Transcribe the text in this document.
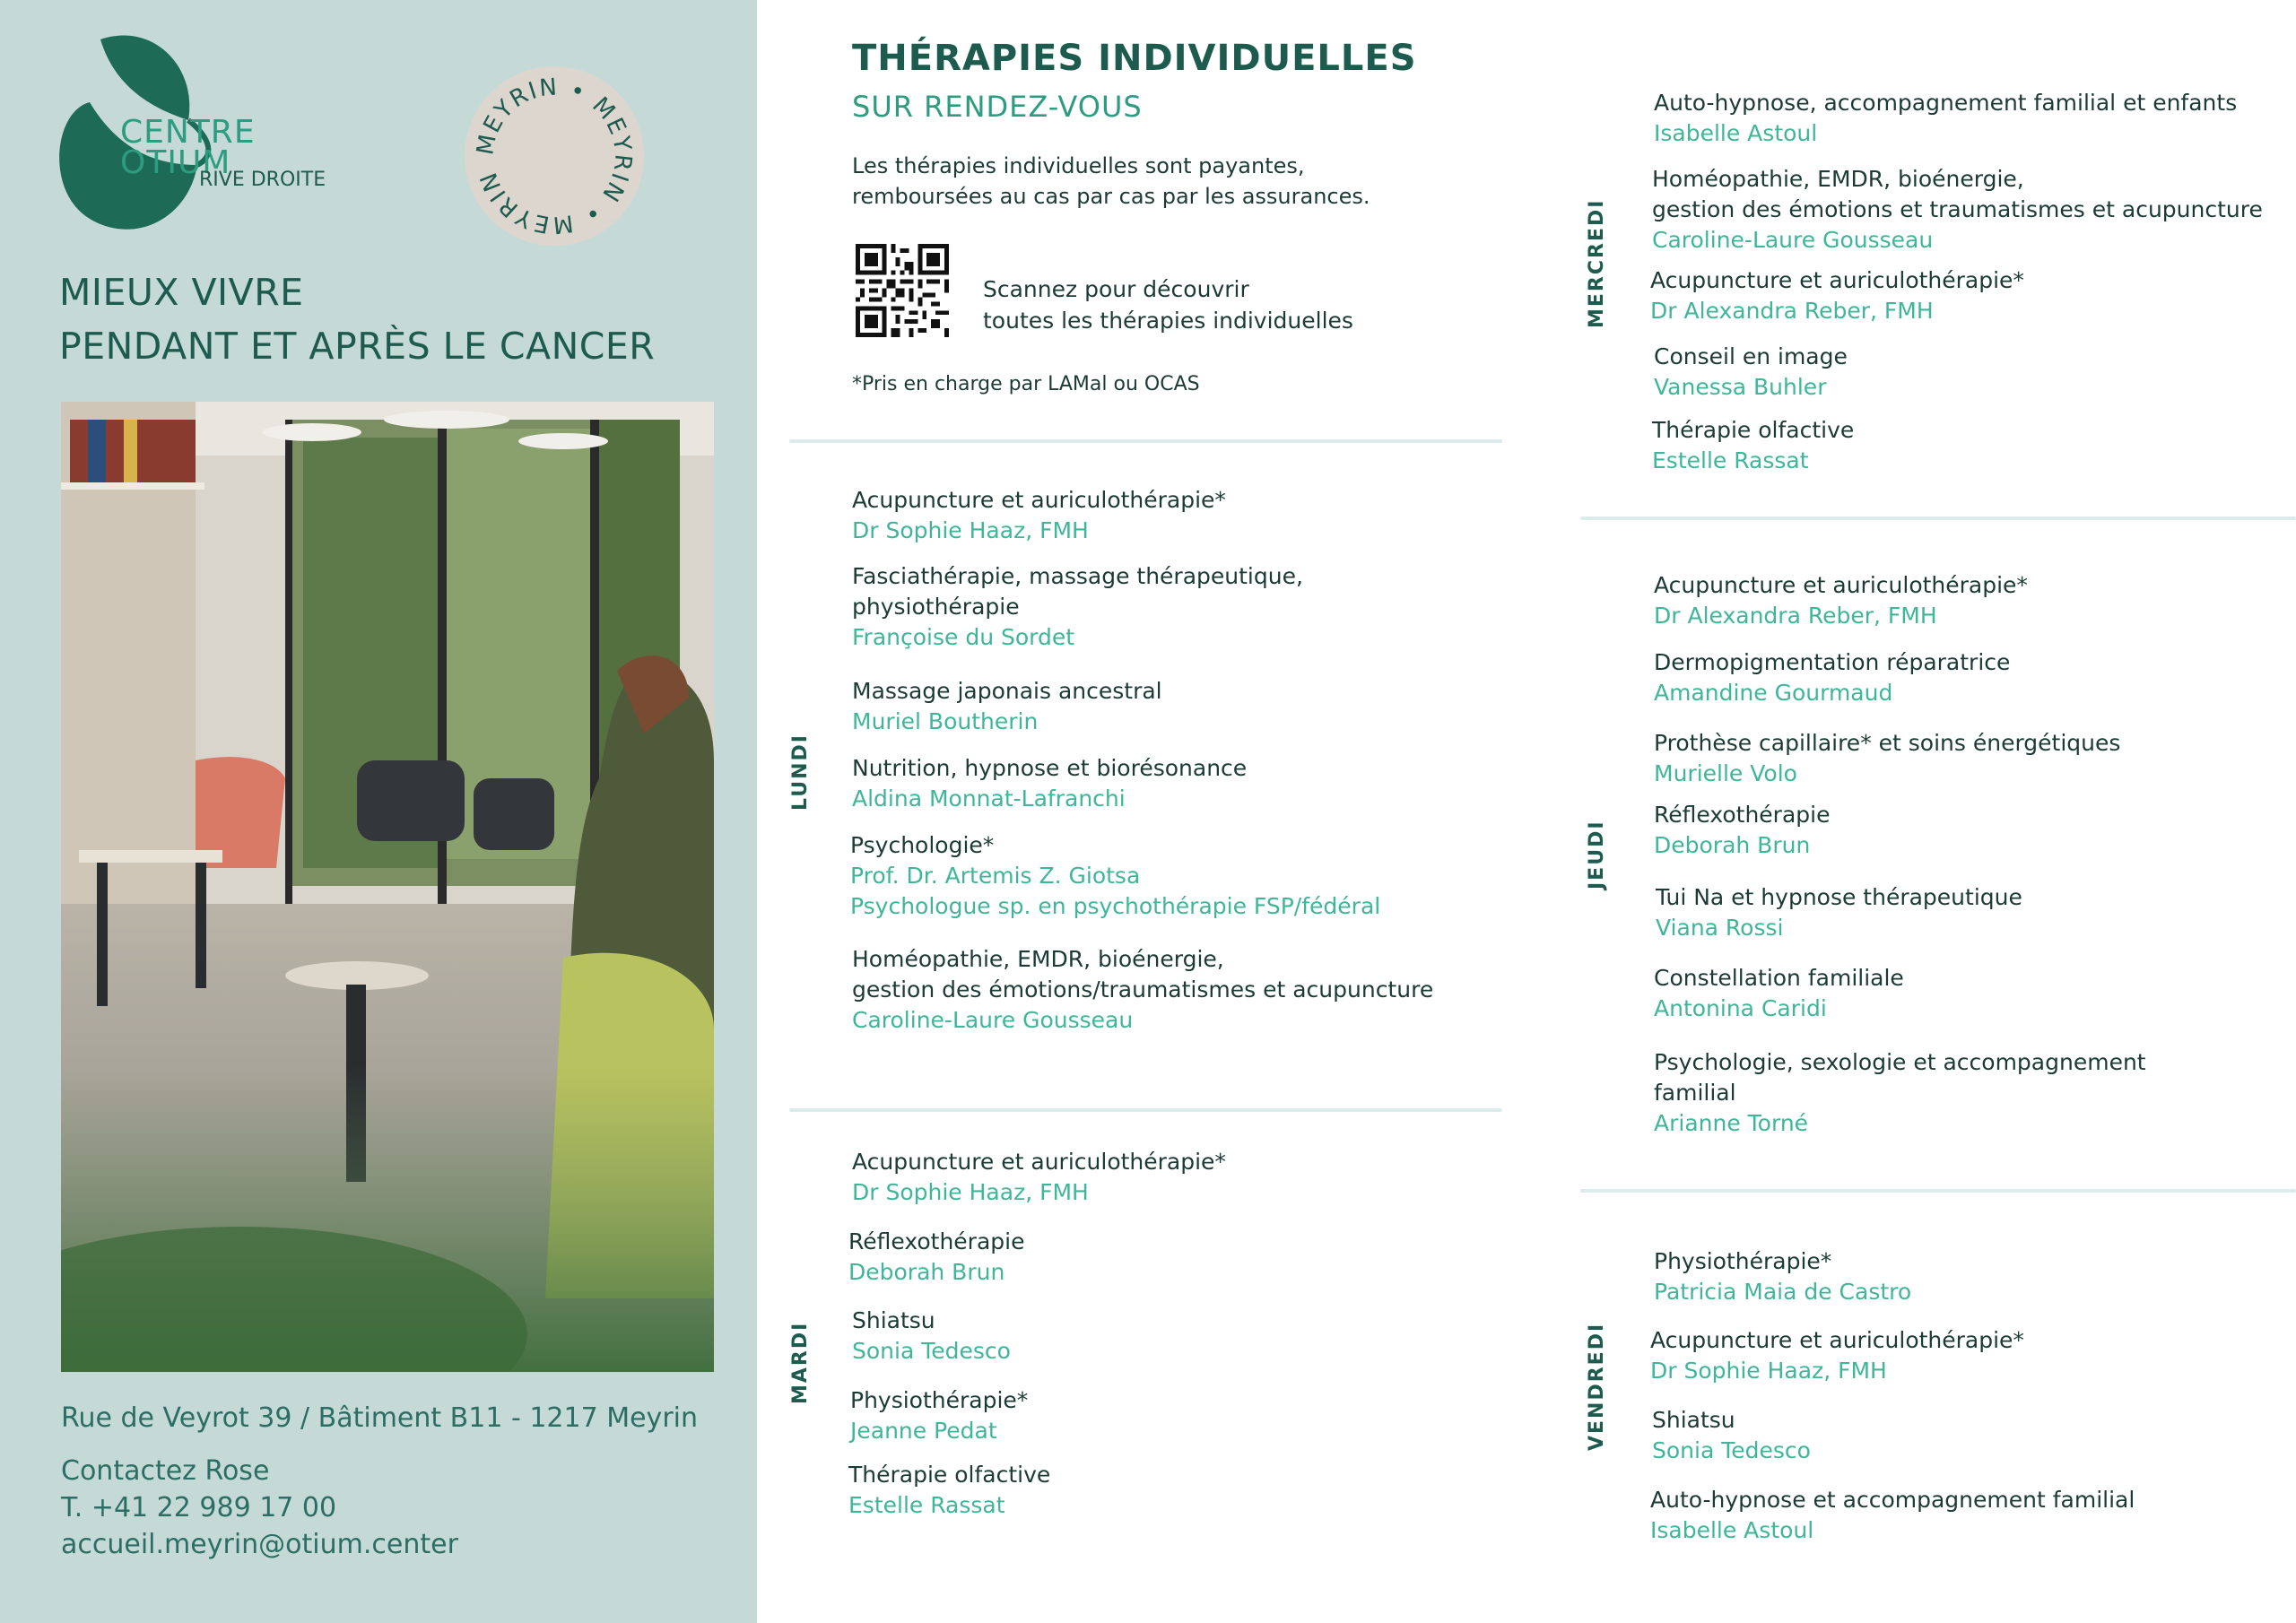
CENTRE
OTIUM
RIVE DROITE
MEYRIN • MEYRIN • MEYRIN
MIEUX VIVRE
PENDANT ET APRÈS LE CANCER
Rue de Veyrot 39 / Bâtiment B11 - 1217 Meyrin
Contactez Rose
T. +41 22 989 17 00
accueil.meyrin@otium.center
THÉRAPIES INDIVIDUELLES
SUR RENDEZ-VOUS
Les thérapies individuelles sont payantes,
remboursées au cas par cas par les assurances.
Scannez pour découvrir
toutes les thérapies individuelles
*Pris en charge par LAMal ou OCAS
LUNDI
Acupuncture et auriculothérapie*
Dr Sophie Haaz, FMH
Fasciathérapie, massage thérapeutique,
physiothérapie
Françoise du Sordet
Massage japonais ancestral
Muriel Boutherin
Nutrition, hypnose et biorésonance
Aldina Monnat-Lafranchi
Psychologie*
Prof. Dr. Artemis Z. Giotsa
Psychologue sp. en psychothérapie FSP/fédéral
Homéopathie, EMDR, bioénergie,
gestion des émotions/traumatismes et acupuncture
Caroline-Laure Gousseau
MARDI
Acupuncture et auriculothérapie*
Dr Sophie Haaz, FMH
Réflexothérapie
Deborah Brun
Shiatsu
Sonia Tedesco
Physiothérapie*
Jeanne Pedat
Thérapie olfactive
Estelle Rassat
MERCREDI
Auto-hypnose, accompagnement familial et enfants
Isabelle Astoul
Homéopathie, EMDR, bioénergie,
gestion des émotions et traumatismes et acupuncture
Caroline-Laure Gousseau
Acupuncture et auriculothérapie*
Dr Alexandra Reber, FMH
Conseil en image
Vanessa Buhler
Thérapie olfactive
Estelle Rassat
JEUDI
Acupuncture et auriculothérapie*
Dr Alexandra Reber, FMH
Dermopigmentation réparatrice
Amandine Gourmaud
Prothèse capillaire* et soins énergétiques
Murielle Volo
Réflexothérapie
Deborah Brun
Tui Na et hypnose thérapeutique
Viana Rossi
Constellation familiale
Antonina Caridi
Psychologie, sexologie et accompagnement
familial
Arianne Torné
VENDREDI
Physiothérapie*
Patricia Maia de Castro
Acupuncture et auriculothérapie*
Dr Sophie Haaz, FMH
Shiatsu
Sonia Tedesco
Auto-hypnose et accompagnement familial
Isabelle Astoul
